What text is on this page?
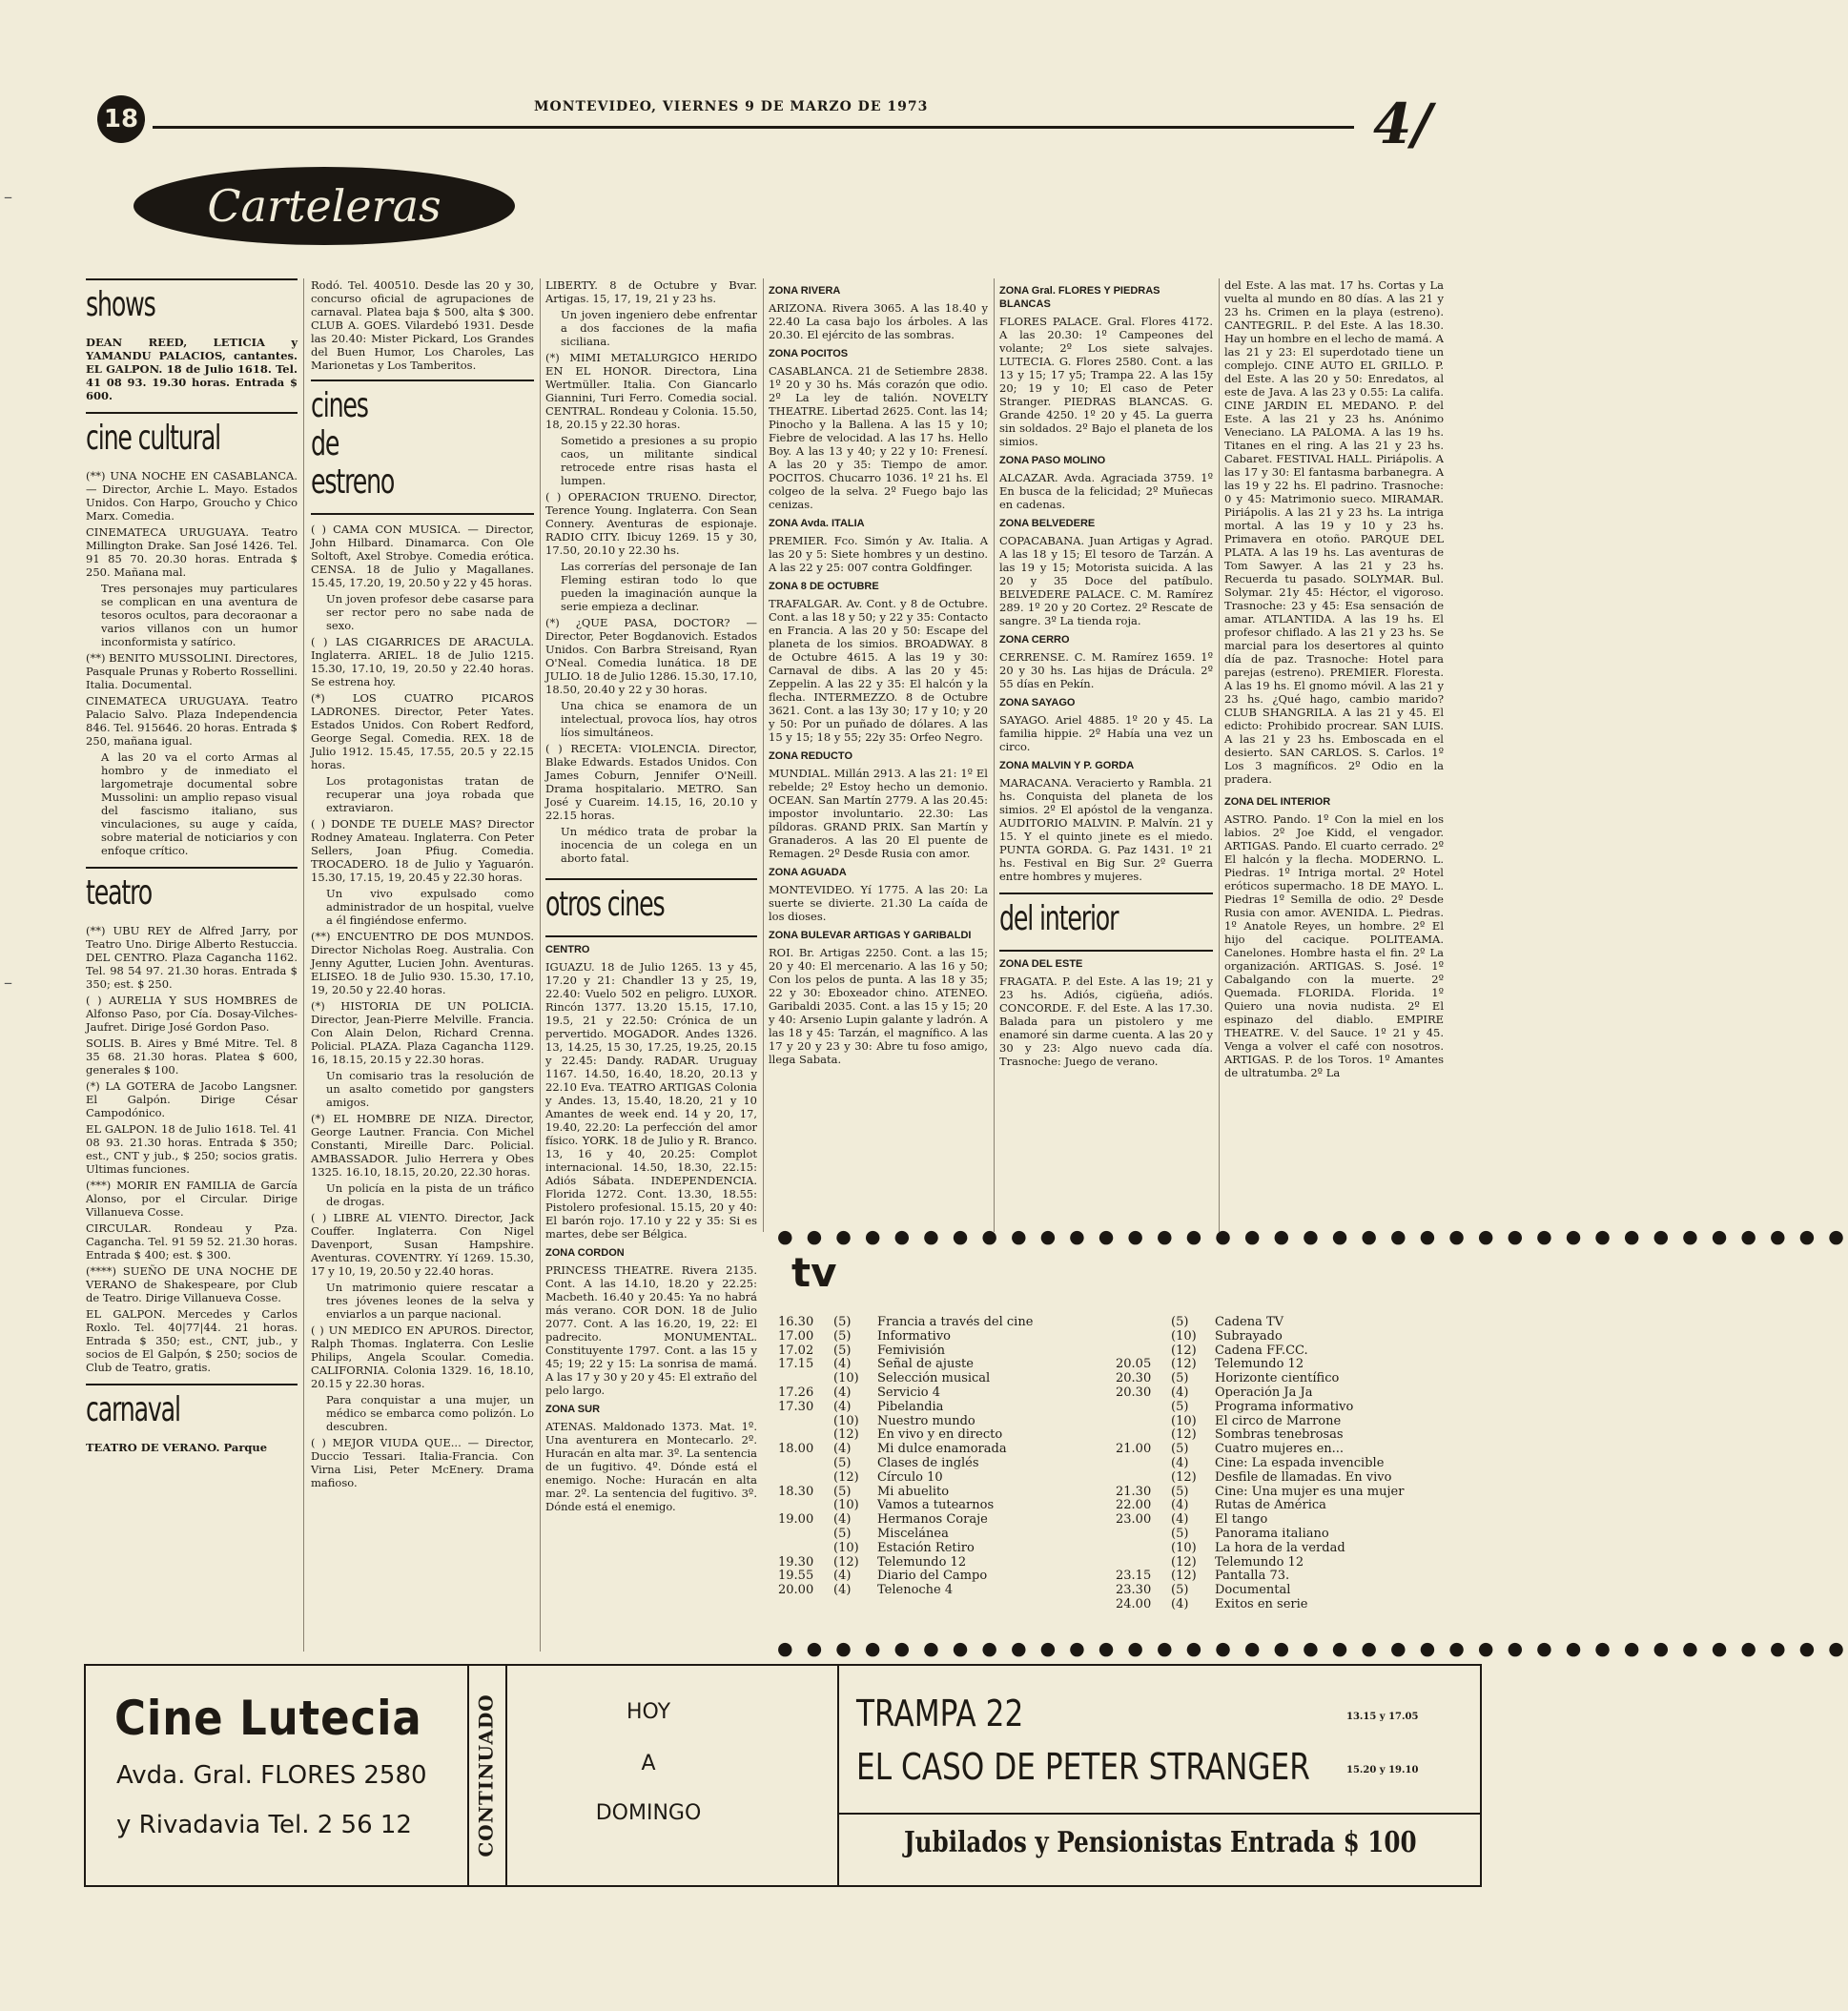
18	MONTEVIDEO, VIERNES 9 DE MARZO DE 1973	4/
Carteleras
shows

DEAN REED, LETICIA y YAMANDU PALACIOS, cantantes. EL GALPON. 18 de Julio 1618. Tel. 41 08 93. 19.30 horas. Entrada $ 600.

cine cultural

(**) UNA NOCHE EN CASABLANCA. — Director, Archie L. Mayo. Estados Unidos. Con Harpo, Groucho y Chico Marx. Comedia.

CINEMATECA URUGUAYA. Teatro Millington Drake. San José 1426. Tel. 91 85 70. 20.30 horas. Entrada $ 250. Mañana mal.

Tres personajes muy particulares se complican en una aventura de tesoros ocultos, para decoraonar a varios villanos con un humor inconformista y satírico.

(**) BENITO MUSSOLINI. Directores, Pasquale Prunas y Roberto Rossellini. Italia. Documental.

CINEMATECA URUGUAYA. Teatro Palacio Salvo. Plaza Independencia 846. Tel. 915646. 20 horas. Entrada $ 250, mañana igual.

A las 20 va el corto Armas al hombro y de inmediato el largometraje documental sobre Mussolini: un amplio repaso visual del fascismo italiano, sus vinculaciones, su auge y caída, sobre material de noticiarios y con enfoque crítico.

teatro

(**) UBU REY de Alfred Jarry, por Teatro Uno. Dirige Alberto Restuccia. DEL CENTRO. Plaza Cagancha 1162. Tel. 98 54 97. 21.30 horas. Entrada $ 350; est. $ 250.

( ) AURELIA Y SUS HOMBRES de Alfonso Paso, por Cía. Dosay-Vilches-Jaufret. Dirige José Gordon Paso.

SOLIS. B. Aires y Bmé Mitre. Tel. 8 35 68. 21.30 horas. Platea $ 600, generales $ 100.

(*) LA GOTERA de Jacobo Langsner. El Galpón. Dirige César Campodónico.

EL GALPON. 18 de Julio 1618. Tel. 41 08 93. 21.30 horas. Entrada $ 350; est., CNT y jub., $ 250; socios gratis. Ultimas funciones.

(***) MORIR EN FAMILIA de García Alonso, por el Circular. Dirige Villanueva Cosse.

CIRCULAR. Rondeau y Pza. Cagancha. Tel. 91 59 52. 21.30 horas. Entrada $ 400; est. $ 300.

(****) SUEÑO DE UNA NOCHE DE VERANO de Shakespeare, por Club de Teatro. Dirige Villanueva Cosse.

EL GALPON. Mercedes y Carlos Roxlo. Tel. 40|77|44. 21 horas. Entrada $ 350; est., CNT, jub., y socios de El Galpón, $ 250; socios de Club de Teatro, gratis.

carnaval

TEATRO DE VERANO. Parque

Rodó. Tel. 400510. Desde las 20 y 30, concurso oficial de agrupaciones de carnaval. Platea baja $ 500, alta $ 300. CLUB A. GOES. Vilardebó 1931. Desde las 20.40: Mister Pickard, Los Grandes del Buen Humor, Los Charoles, Las Marionetas y Los Tamberitos.

cines de estreno

( ) CAMA CON MUSICA. — Director, John Hilbard. Dinamarca. Con Ole Soltoft, Axel Strobye. Comedia erótica. CENSA. 18 de Julio y Magallanes. 15.45, 17.20, 19, 20.50 y 22 y 45 horas.

Un joven profesor debe casarse para ser rector pero no sabe nada de sexo.

( ) LAS CIGARRICES DE ARACULA. Inglaterra. ARIEL. 18 de Julio 1215. 15.30, 17.10, 19, 20.50 y 22.40 horas. Se estrena hoy.

(*) LOS CUATRO PICAROS LADRONES. Director, Peter Yates. Estados Unidos. Con Robert Redford, George Segal. Comedia. REX. 18 de Julio 1912. 15.45, 17.55, 20.5 y 22.15 horas.

Los protagonistas tratan de recuperar una joya robada que extraviaron.

( ) DONDE TE DUELE MAS? Director Rodney Amateau. Inglaterra. Con Peter Sellers, Joan Pfiug. Comedia. TROCADERO. 18 de Julio y Yaguarón. 15.30, 17.15, 19, 20.45 y 22.30 horas.

Un vivo expulsado como administrador de un hospital, vuelve a él fingiéndose enfermo.

(**) ENCUENTRO DE DOS MUNDOS. Director Nicholas Roeg. Australia. Con Jenny Agutter, Lucien John. Aventuras. ELISEO. 18 de Julio 930. 15.30, 17.10, 19, 20.50 y 22.40 horas.

(*) HISTORIA DE UN POLICIA. Director, Jean-Pierre Melville. Francia. Con Alain Delon, Richard Crenna. Policial. PLAZA. Plaza Cagancha 1129. 16, 18.15, 20.15 y 22.30 horas.

Un comisario tras la resolución de un asalto cometido por gangsters amigos.

(*) EL HOMBRE DE NIZA. Director, George Lautner. Francia. Con Michel Constanti, Mireille Darc. Policial. AMBASSADOR. Julio Herrera y Obes 1325. 16.10, 18.15, 20.20, 22.30 horas.

Un policía en la pista de un tráfico de drogas.

( ) LIBRE AL VIENTO. Director, Jack Couffer. Inglaterra. Con Nigel Davenport, Susan Hampshire. Aventuras. COVENTRY. Yí 1269. 15.30, 17 y 10, 19, 20.50 y 22.40 horas.

Un matrimonio quiere rescatar a tres jóvenes leones de la selva y enviarlos a un parque nacional.

( ) UN MEDICO EN APUROS. Director, Ralph Thomas. Inglaterra. Con Leslie Philips, Angela Scoular. Comedia. CALIFORNIA. Colonia 1329. 16, 18.10, 20.15 y 22.30 horas.

Para conquistar a una mujer, un médico se embarca como polizón. Lo descubren.

( ) MEJOR VIUDA QUE... — Director, Duccio Tessari. Italia-Francia. Con Virna Lisi, Peter McEnery. Drama mafioso.

LIBERTY. 8 de Octubre y Bvar. Artigas. 15, 17, 19, 21 y 23 hs.

Un joven ingeniero debe enfrentar a dos facciones de la mafia siciliana.

(*) MIMI METALURGICO HERIDO EN EL HONOR. Directora, Lina Wertmüller. Italia. Con Giancarlo Giannini, Turi Ferro. Comedia social. CENTRAL. Rondeau y Colonia. 15.50, 18, 20.15 y 22.30 horas.

Sometido a presiones a su propio caos, un militante sindical retrocede entre risas hasta el lumpen.

( ) OPERACION TRUENO. Director, Terence Young. Inglaterra. Con Sean Connery. Aventuras de espionaje. RADIO CITY. Ibicuy 1269. 15 y 30, 17.50, 20.10 y 22.30 hs.

Las correrías del personaje de Ian Fleming estiran todo lo que pueden la imaginación aunque la serie empieza a declinar.

(*) ¿QUE PASA, DOCTOR? — Director, Peter Bogdanovich. Estados Unidos. Con Barbra Streisand, Ryan O'Neal. Comedia lunática. 18 DE JULIO. 18 de Julio 1286. 15.30, 17.10, 18.50, 20.40 y 22 y 30 horas.

Una chica se enamora de un intelectual, provoca líos, hay otros líos simultáneos.

( ) RECETA: VIOLENCIA. Director, Blake Edwards. Estados Unidos. Con James Coburn, Jennifer O'Neill. Drama hospitalario. METRO. San José y Cuareim. 14.15, 16, 20.10 y 22.15 horas.

Un médico trata de probar la inocencia de un colega en un aborto fatal.

otros cines
CENTRO

IGUAZU. 18 de Julio 1265. 13 y 45, 17.20 y 21: Chandler 13 y 25, 19, 22.40: Vuelo 502 en peligro. LUXOR. Rincón 1377. 13.20 15.15, 17.10, 19.5, 21 y 22.50: Crónica de un pervertido. MOGADOR. Andes 1326. 13, 14.25, 15 30, 17.25, 19.25, 20.15 y 22.45: Dandy. RADAR. Uruguay 1167. 14.50, 16.40, 18.20, 20.13 y 22.10 Eva. TEATRO ARTIGAS Colonia y Andes. 13, 15.40, 18.20, 21 y 10 Amantes de week end. 14 y 20, 17, 19.40, 22.20: La perfección del amor físico. YORK. 18 de Julio y R. Branco. 13, 16 y 40, 20.25: Complot internacional. 14.50, 18.30, 22.15: Adiós Sábata. INDEPENDENCIA. Florida 1272. Cont. 13.30, 18.55: Pistolero profesional. 15.15, 20 y 40: El barón rojo. 17.10 y 22 y 35: Si es martes, debe ser Bélgica.

ZONA CORDON

PRINCESS THEATRE. Rivera 2135. Cont. A las 14.10, 18.20 y 22.25: Macbeth. 16.40 y 20.45: Ya no habrá más verano. COR DON. 18 de Julio 2077. Cont. A las 16.20, 19, 22: El padrecito. MONUMENTAL. Constituyente 1797. Cont. a las 15 y 45; 19; 22 y 15: La sonrisa de mamá. A las 17 y 30 y 20 y 45: El extraño del pelo largo.

ZONA SUR

ATENAS. Maldonado 1373. Mat. 1º. Una aventurera en Montecarlo. 2º. Huracán en alta mar. 3º. La sentencia de un fugitivo. 4º. Dónde está el enemigo. Noche: Huracán en alta mar. 2º. La sentencia del fugitivo. 3º. Dónde está el enemigo.

ZONA RIVERA

ARIZONA. Rivera 3065. A las 18.40 y 22.40 La casa bajo los árboles. A las 20.30. El ejército de las sombras.

ZONA POCITOS

CASABLANCA. 21 de Setiembre 2838. 1º 20 y 30 hs. Más corazón que odio. 2º La ley de talión. NOVELTY THEATRE. Libertad 2625. Cont. las 14; Pinocho y la Ballena. A las 15 y 10; Fiebre de velocidad. A las 17 hs. Hello Boy. A las 13 y 40; y 22 y 10: Frenesí. A las 20 y 35: Tiempo de amor. POCITOS. Chucarro 1036. 1º 21 hs. El colgeo de la selva. 2º Fuego bajo las cenizas.

ZONA Avda. ITALIA

PREMIER. Fco. Simón y Av. Italia. A las 20 y 5: Siete hombres y un destino. A las 22 y 25: 007 contra Goldfinger.

ZONA 8 DE OCTUBRE

TRAFALGAR. Av. Cont. y 8 de Octubre. Cont. a las 18 y 50; y 22 y 35: Contacto en Francia. A las 20 y 50: Escape del planeta de los simios. BROADWAY. 8 de Octubre 4615. A las 19 y 30: Carnaval de dibs. A las 20 y 45: Zeppelin. A las 22 y 35: El halcón y la flecha. INTERMEZZO. 8 de Octubre 3621. Cont. a las 13y 30; 17 y 10; y 20 y 50: Por un puñado de dólares. A las 15 y 15; 18 y 55; 22y 35: Orfeo Negro.

ZONA REDUCTO

MUNDIAL. Millán 2913. A las 21: 1º El rebelde; 2º Estoy hecho un demonio. OCEAN. San Martín 2779. A las 20.45: impostor involuntario. 22.30: Las píldoras. GRAND PRIX. San Martín y Granaderos. A las 20 El puente de Remagen. 2º Desde Rusia con amor.

ZONA AGUADA

MONTEVIDEO. Yí 1775. A las 20: La suerte se divierte. 21.30 La caída de los dioses.

ZONA BULEVAR ARTIGAS Y GARIBALDI

ROI. Br. Artigas 2250. Cont. a las 15; 20 y 40: El mercenario. A las 16 y 50; Con los pelos de punta. A las 18 y 35; 22 y 30: Eboxeador chino. ATENEO. Garibaldi 2035. Cont. a las 15 y 15; 20 y 40: Arsenio Lupin galante y ladrón. A las 18 y 45: Tarzán, el magnífico. A las 17 y 20 y 23 y 30: Abre tu foso amigo, llega Sabata.

ZONA Gral. FLORES Y PIEDRAS BLANCAS

FLORES PALACE. Gral. Flores 4172. A las 20.30: 1º Campeones del volante; 2º Los siete salvajes. LUTECIA. G. Flores 2580. Cont. a las 13 y 15; 17 y5; Trampa 22. A las 15y 20; 19 y 10; El caso de Peter Stranger. PIEDRAS BLANCAS. G. Grande 4250. 1º 20 y 45. La guerra sin soldados. 2º Bajo el planeta de los simios.

ZONA PASO MOLINO

ALCAZAR. Avda. Agraciada 3759. 1º En busca de la felicidad; 2º Muñecas en cadenas.

ZONA BELVEDERE

COPACABANA. Juan Artigas y Agrad. A las 18 y 15; El tesoro de Tarzán. A las 19 y 15; Motorista suicida. A las 20 y 35 Doce del patíbulo. BELVEDERE PALACE. C. M. Ramírez 289. 1º 20 y 20 Cortez. 2º Rescate de sangre. 3º La tienda roja.

ZONA CERRO

CERRENSE. C. M. Ramírez 1659. 1º 20 y 30 hs. Las hijas de Drácula. 2º 55 días en Pekín.

ZONA SAYAGO

SAYAGO. Ariel 4885. 1º 20 y 45. La familia hippie. 2º Había una vez un circo.

ZONA MALVIN Y P. GORDA

MARACANA. Veracierto y Rambla. 21 hs. Conquista del planeta de los simios. 2º El apóstol de la venganza. AUDITORIO MALVIN. P. Malvín. 21 y 15. Y el quinto jinete es el miedo. PUNTA GORDA. G. Paz 1431. 1º 21 hs. Festival en Big Sur. 2º Guerra entre hombres y mujeres.

del interior
ZONA DEL ESTE

FRAGATA. P. del Este. A las 19; 21 y 23 hs. Adiós, cigüeña, adiós. CONCORDE. F. del Este. A las 17.30. Balada para un pistolero y me enamoré sin darme cuenta. A las 20 y 30 y 23: Algo nuevo cada día. Trasnoche: Juego de verano.

del Este. A las mat. 17 hs. Cortas y La vuelta al mundo en 80 días. A las 21 y 23 hs. Crimen en la playa (estreno). CANTEGRIL. P. del Este. A las 18.30. Hay un hombre en el lecho de mamá. A las 21 y 23: El superdotado tiene un complejo. CINE AUTO EL GRILLO. P. del Este. A las 20 y 50: Enredatos, al este de Java. A las 23 y 0.55: La califa. CINE JARDIN EL MEDANO. P. del Este. A las 21 y 23 hs. Anónimo Veneciano. LA PALOMA. A las 19 hs. Titanes en el ring. A las 21 y 23 hs. Cabaret. FESTIVAL HALL. Piriápolis. A las 17 y 30: El fantasma barbanegra. A las 19 y 22 hs. El padrino. Trasnoche: 0 y 45: Matrimonio sueco. MIRAMAR. Piriápolis. A las 21 y 23 hs. La intriga mortal. A las 19 y 10 y 23 hs. Primavera en otoño. PARQUE DEL PLATA. A las 19 hs. Las aventuras de Tom Sawyer. A las 21 y 23 hs. Recuerda tu pasado. SOLYMAR. Bul. Solymar. 21y 45: Héctor, el vigoroso. Trasnoche: 23 y 45: Esa sensación de amar. ATLANTIDA. A las 19 hs. El profesor chiflado. A las 21 y 23 hs. Se marcial para los desertores al quinto día de paz. Trasnoche: Hotel para parejas (estreno). PREMIER. Floresta. A las 19 hs. El gnomo móvil. A las 21 y 23 hs. ¿Qué hago, cambio marido? CLUB SHANGRILA. A las 21 y 45. El edicto: Prohibido procrear. SAN LUIS. A las 21 y 23 hs. Emboscada en el desierto. SAN CARLOS. S. Carlos. 1º Los 3 magníficos. 2º Odio en la pradera.

ZONA DEL INTERIOR

ASTRO. Pando. 1º Con la miel en los labios. 2º Joe Kidd, el vengador. ARTIGAS. Pando. El cuarto cerrado. 2º El halcón y la flecha. MODERNO. L. Piedras. 1º Intriga mortal. 2º Hotel eróticos supermacho. 18 DE MAYO. L. Piedras 1º Semilla de odio. 2º Desde Rusia con amor. AVENIDA. L. Piedras. 1º Anatole Reyes, un hombre. 2º El hijo del cacique. POLITEAMA. Canelones. Hombre hasta el fin. 2º La organización. ARTIGAS. S. José. 1º Cabalgando con la muerte. 2º Quemada. FLORIDA. Florida. 1º Quiero una novia nudista. 2º El espinazo del diablo. EMPIRE THEATRE. V. del Sauce. 1º 21 y 45. Venga a volver el café con nosotros. ARTIGAS. P. de los Toros. 1º Amantes de ultratumba. 2º La

● ● ● ● ● ● ● ● ● ● ● ● ● ● ● ● ● ● ● ● ● ● ● ● ● ● ● ● ● ● ● ● ● ● ● ● ●
tv
16.30	(5)	Francia a través del cine
17.00	(5)	Informativo
17.02	(5)	Femivisión
17.15	(4)	Señal de ajuste
(10)	Selección musical
17.26	(4)	Servicio 4
17.30	(4)	Pibelandia
(10)	Nuestro mundo
(12)	En vivo y en directo
18.00	(4)	Mi dulce enamorada
(5)	Clases de inglés
(12)	Círculo 10
18.30	(5)	Mi abuelito
(10)	Vamos a tutearnos
19.00	(4)	Hermanos Coraje
(5)	Miscelánea
(10)	Estación Retiro
19.30	(12)	Telemundo 12
19.55	(4)	Diario del Campo
20.00	(4)	Telenoche 4
(5)	Cadena TV
(10)	Subrayado
(12)	Cadena FF.CC.
20.05	(12)	Telemundo 12
20.30	(5)	Horizonte científico
20.30	(4)	Operación Ja Ja
(5)	Programa informativo
(10)	El circo de Marrone
(12)	Sombras tenebrosas
21.00	(5)	Cuatro mujeres en...
(4)	Cine: La espada invencible
(12)	Desfile de llamadas. En vivo
21.30	(5)	Cine: Una mujer es una mujer
22.00	(4)	Rutas de América
23.00	(4)	El tango
(5)	Panorama italiano
(10)	La hora de la verdad
(12)	Telemundo 12
23.15	(12)	Pantalla 73.
23.30	(5)	Documental
24.00	(4)	Exitos en serie
● ● ● ● ● ● ● ● ● ● ● ● ● ● ● ● ● ● ● ● ● ● ● ● ● ● ● ● ● ● ● ● ● ● ● ● ●
Cine Lutecia
Avda. Gral. FLORES 2580
y Rivadavia Tel. 2 56 12	CONTINUADO	HOY
A
DOMINGO
TRAMPA 22	13.15 y 17.05
EL CASO DE PETER STRANGER	15.20 y 19.10
Jubilados y Pensionistas Entrada $ 100
–
–
